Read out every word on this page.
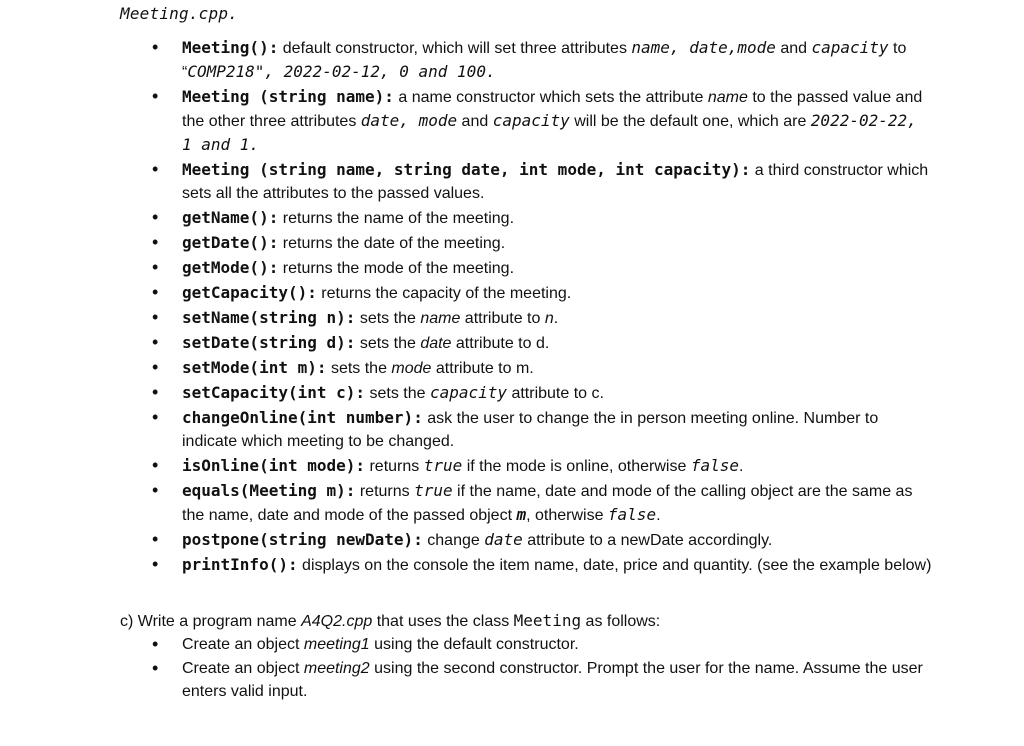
Meeting.cpp.
• Meeting(): default constructor, which will set three attributes name, date,mode and capacity to “COMP218", 2022-02-12, 0 and 100.
• Meeting (string name): a name constructor which sets the attribute name to the passed value and the other three attributes date, mode and capacity will be the default one, which are 2022-02-22, 1 and 1.
• Meeting (string name, string date, int mode, int capacity): a third constructor which sets all the attributes to the passed values.
• getName(): returns the name of the meeting.
• getDate(): returns the date of the meeting.
• getMode(): returns the mode of the meeting.
• getCapacity(): returns the capacity of the meeting.
• setName(string n): sets the name attribute to n.
• setDate(string d): sets the date attribute to d.
• setMode(int m): sets the mode attribute to m.
• setCapacity(int c): sets the capacity attribute to c.
• changeOnline(int number): ask the user to change the in person meeting online. Number to indicate which meeting to be changed.
• isOnline(int mode): returns true if the mode is online, otherwise false.
• equals(Meeting m): returns true if the name, date and mode of the calling object are the same as the name, date and mode of the passed object m, otherwise false.
• postpone(string newDate): change date attribute to a newDate accordingly.
• printInfo(): displays on the console the item name, date, price and quantity. (see the example below)
c) Write a program name A4Q2.cpp that uses the class Meeting as follows:
• Create an object meeting1 using the default constructor.
• Create an object meeting2 using the second constructor. Prompt the user for the name. Assume the user enters valid input.
